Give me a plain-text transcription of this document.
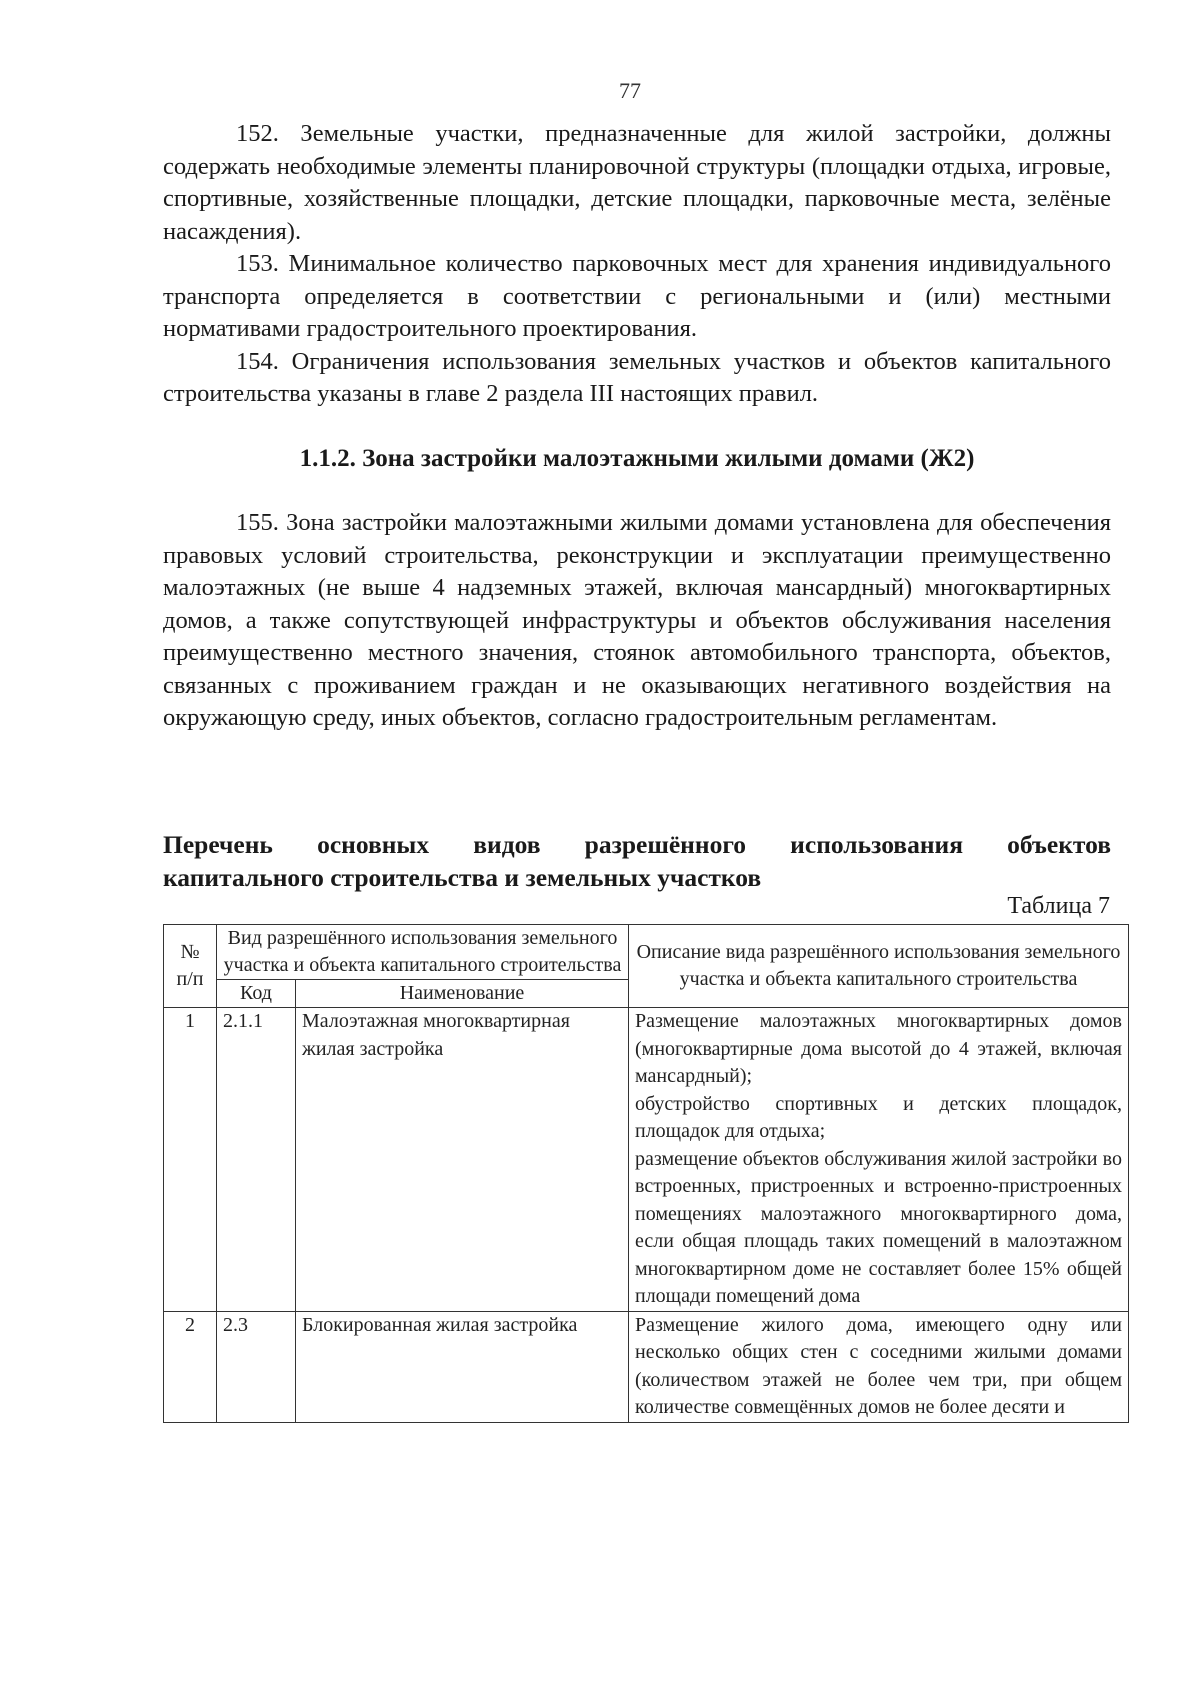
77

152. Земельные участки, предназначенные для жилой застройки, должны содержать необходимые элементы планировочной структуры (площадки отдыха, игровые, спортивные, хозяйственные площадки, детские площадки, парковочные места, зелёные насаждения).

153. Минимальное количество парковочных мест для хранения индивидуального транспорта определяется в соответствии с региональными и (или) местными нормативами градостроительного проектирования.

154. Ограничения использования земельных участков и объектов капитального строительства указаны в главе 2 раздела III настоящих правил.

1.1.2. Зона застройки малоэтажными жилыми домами (Ж2)

155. Зона застройки малоэтажными жилыми домами установлена для обеспечения правовых условий строительства, реконструкции и эксплуатации преимущественно малоэтажных (не выше 4 надземных этажей, включая мансардный) многоквартирных домов, а также сопутствующей инфраструктуры и объектов обслуживания населения преимущественно местного значения, стоянок автомобильного транспорта, объектов, связанных с проживанием граждан и не оказывающих негативного воздействия на окружающую среду, иных объектов, согласно градостроительным регламентам.

Перечень основных видов разрешённого использования объектов
капитального строительства и земельных участков
Таблица 7
№ п/п	Вид разрешённого использования земельного участка и объекта капитального строительства		Описание вида разрешённого использования земельного участка и объекта капитального строительства
	Код	Наименование	
1	2.1.1	Малоэтажная многоквартирная жилая застройка	Размещение малоэтажных многоквартирных домов (многоквартирные дома высотой до 4 этажей, включая мансардный);
обустройство спортивных и детских площадок, площадок для отдыха;
размещение объектов обслуживания жилой застройки во встроенных, пристроенных и встроенно-пристроенных помещениях малоэтажного многоквартирного дома, если общая площадь таких помещений в малоэтажном многоквартирном доме не составляет более 15% общей площади помещений дома

2	2.3	Блокированная жилая застройка	Размещение жилого дома, имеющего одну или несколько общих стен с соседними жилыми домами (количеством этажей не более чем три, при общем количестве совмещённых домов не более десяти и
